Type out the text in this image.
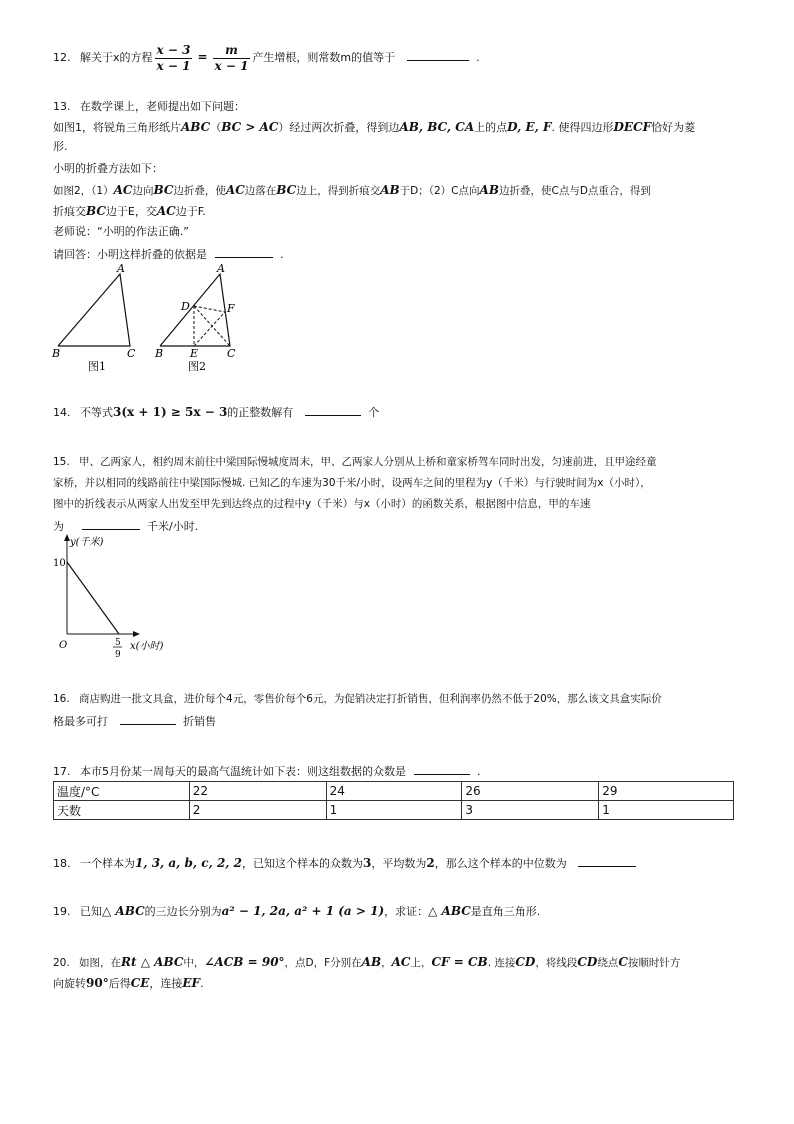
12. 解关于x的方程 $\frac{x - 3}{x - 1} = \frac{m}{x - 1}$ 产生增根，则常数m的值等于	.
13. 在数学课上，老师提出如下问题：
如图1，将锐角三角形纸片ABC（BC > AC）经过两次折叠，得到边AB, BC, CA上的点D, E, F. 使得四边形DECF恰好为菱
形.
小明的折叠方法如下：
如图2，（1）AC边向BC边折叠，使AC边落在BC边上，得到折痕交AB于D；（2）C点向AB边折叠，使C点与D点重合，得到
折痕交BC边于E，交AC边于F.
老师说：“小明的作法正确.”
请回答：小明这样折叠的依据是	.
A
B	C
图1
A
B	C
D
E
F
图2
14. 不等式3(x + 1) ≥ 5x − 3的正整数解有	个
15. 甲、乙两家人，相约周末前往中梁国际慢城度周末，甲、乙两家人分别从上桥和童家桥驾车同时出发，匀速前进，且甲途经童
家桥，并以相同的线路前往中梁国际慢城. 已知乙的车速为30千米/小时，设两车之间的里程为y（千米）与行驶时间为x（小时），
图中的折线表示从两家人出发至甲先到达终点的过程中y（千米）与x（小时）的函数关系，根据图中信息，甲的车速
为	千米/小时.
y(千米)
x(小时)
O
10
5
9
16. 商店购进一批文具盒，进价每个4元，零售价每个6元，为促销决定打折销售，但利润率仍然不低于20%，那么该文具盒实际价
格最多可打	折销售
17. 本市5月份某一周每天的最高气温统计如下表：则这组数据的众数是	.
温度/°C	22	24	26	29
天数	2	1	3	1
18. 一个样本为1, 3, a, b, c, 2, 2，已知这个样本的众数为3，平均数为2，那么这个样本的中位数为
19. 已知△ ABC的三边长分别为a² − 1, 2a, a² + 1 (a > 1)，求证：△ ABC是直角三角形.
20. 如图，在Rt △ ABC中，∠ACB = 90°，点D，F分别在AB，AC上，CF = CB. 连接CD，将线段CD绕点C按顺时针方
向旋转90°后得CE，连接EF.
